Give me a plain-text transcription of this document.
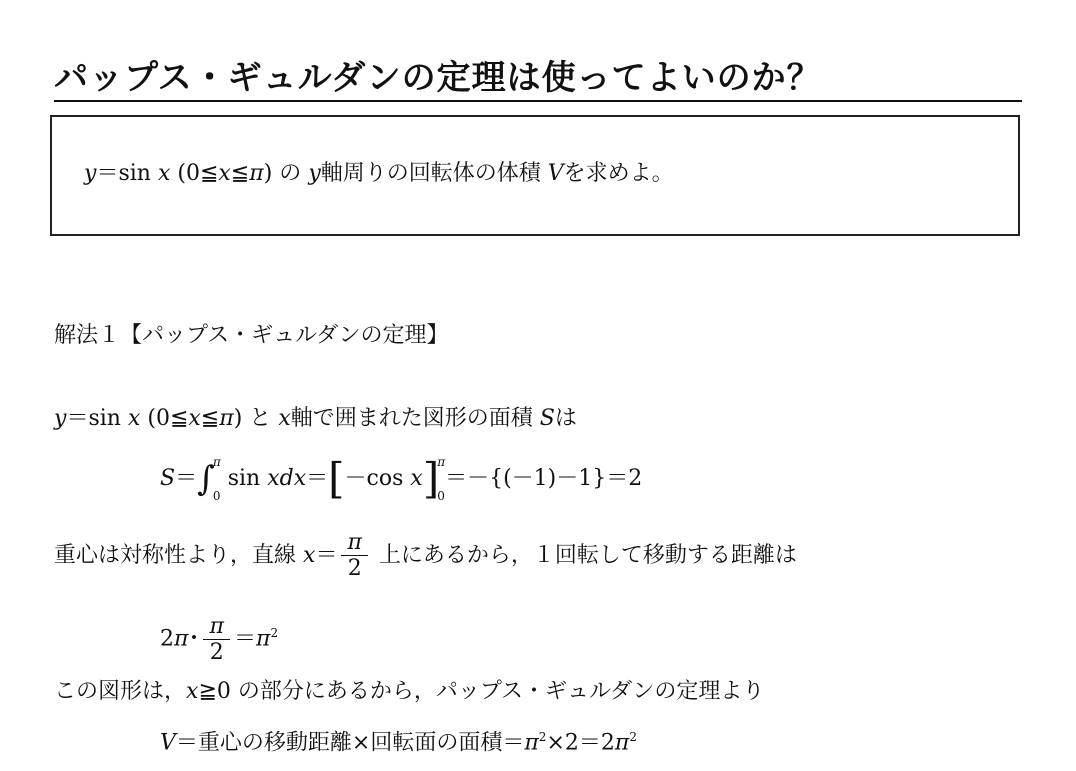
パップス・ギュルダンの定理は使ってよいのか？
y＝sin x (0≦x≦π) の y軸周りの回転体の体積 Vを求めよ。
解法１【パップス・ギュルダンの定理】
y＝sin x (0≦x≦π) と x軸で囲まれた図形の面積 Sは
S＝∫
π
0
sin xdx＝[－cos x]
π
0
＝－{(－1)－1}＝2
重心は対称性より，直線 $x= \frac{\pi}{2}$ 上にあるから，１回転して移動する距離は
2π･ $\frac{\pi}{2} =\pi^2$
この図形は，x≧0 の部分にあるから，パップス・ギュルダンの定理より
V＝重心の移動距離×回転面の面積$=\pi^2\times 2=2\pi^2$
